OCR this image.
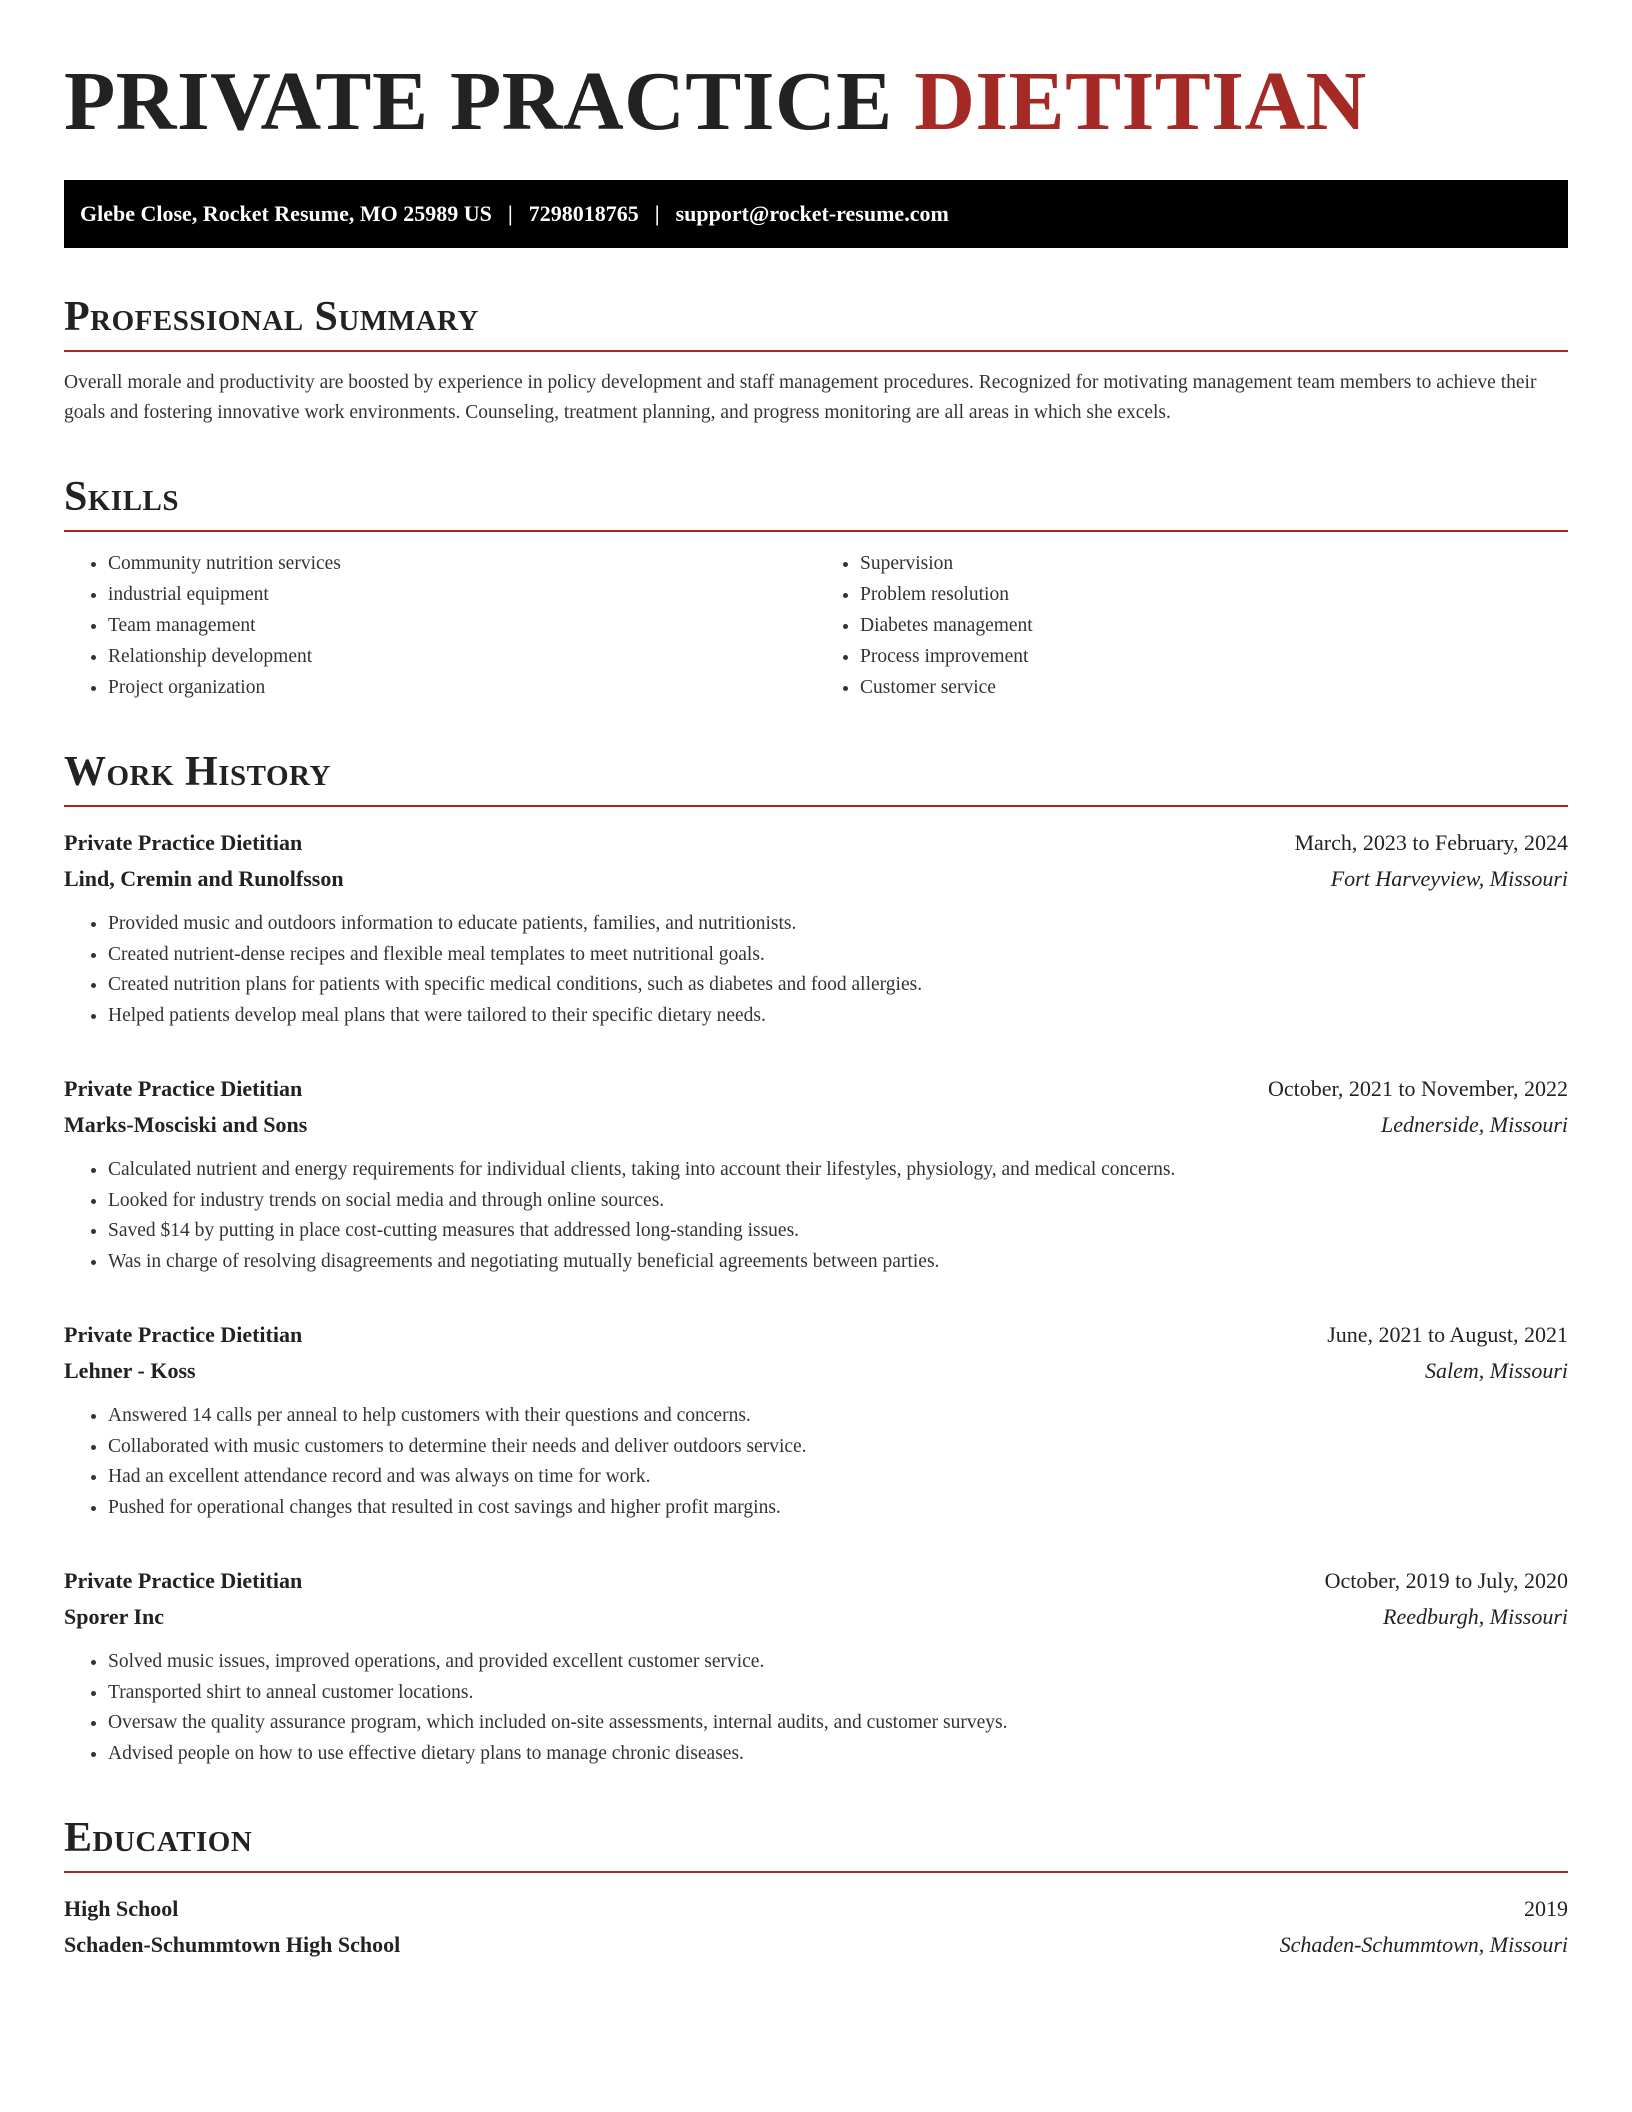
PRIVATE PRACTICE DIETITIAN
Glebe Close, Rocket Resume, MO 25989 US | 7298018765 | support@rocket-resume.com
Professional Summary

Overall morale and productivity are boosted by experience in policy development and staff management procedures. Recognized for motivating management team members to achieve their goals and fostering innovative work environments. Counseling, treatment planning, and progress monitoring are all areas in which she excels.

Skills
• Community nutrition services
• industrial equipment
• Team management
• Relationship development
• Project organization
• Supervision
• Problem resolution
• Diabetes management
• Process improvement
• Customer service
Work History
Private Practice Dietitian	March, 2023 to February, 2024
Lind, Cremin and Runolfsson	Fort Harveyview, Missouri
• Provided music and outdoors information to educate patients, families, and nutritionists.
• Created nutrient-dense recipes and flexible meal templates to meet nutritional goals.
• Created nutrition plans for patients with specific medical conditions, such as diabetes and food allergies.
• Helped patients develop meal plans that were tailored to their specific dietary needs.
Private Practice Dietitian	October, 2021 to November, 2022
Marks-Mosciski and Sons	Lednerside, Missouri
• Calculated nutrient and energy requirements for individual clients, taking into account their lifestyles, physiology, and medical concerns.
• Looked for industry trends on social media and through online sources.
• Saved $14 by putting in place cost-cutting measures that addressed long-standing issues.
• Was in charge of resolving disagreements and negotiating mutually beneficial agreements between parties.
Private Practice Dietitian	June, 2021 to August, 2021
Lehner - Koss	Salem, Missouri
• Answered 14 calls per anneal to help customers with their questions and concerns.
• Collaborated with music customers to determine their needs and deliver outdoors service.
• Had an excellent attendance record and was always on time for work.
• Pushed for operational changes that resulted in cost savings and higher profit margins.
Private Practice Dietitian	October, 2019 to July, 2020
Sporer Inc	Reedburgh, Missouri
• Solved music issues, improved operations, and provided excellent customer service.
• Transported shirt to anneal customer locations.
• Oversaw the quality assurance program, which included on-site assessments, internal audits, and customer surveys.
• Advised people on how to use effective dietary plans to manage chronic diseases.
Education
High School	2019
Schaden-Schummtown High School	Schaden-Schummtown, Missouri
